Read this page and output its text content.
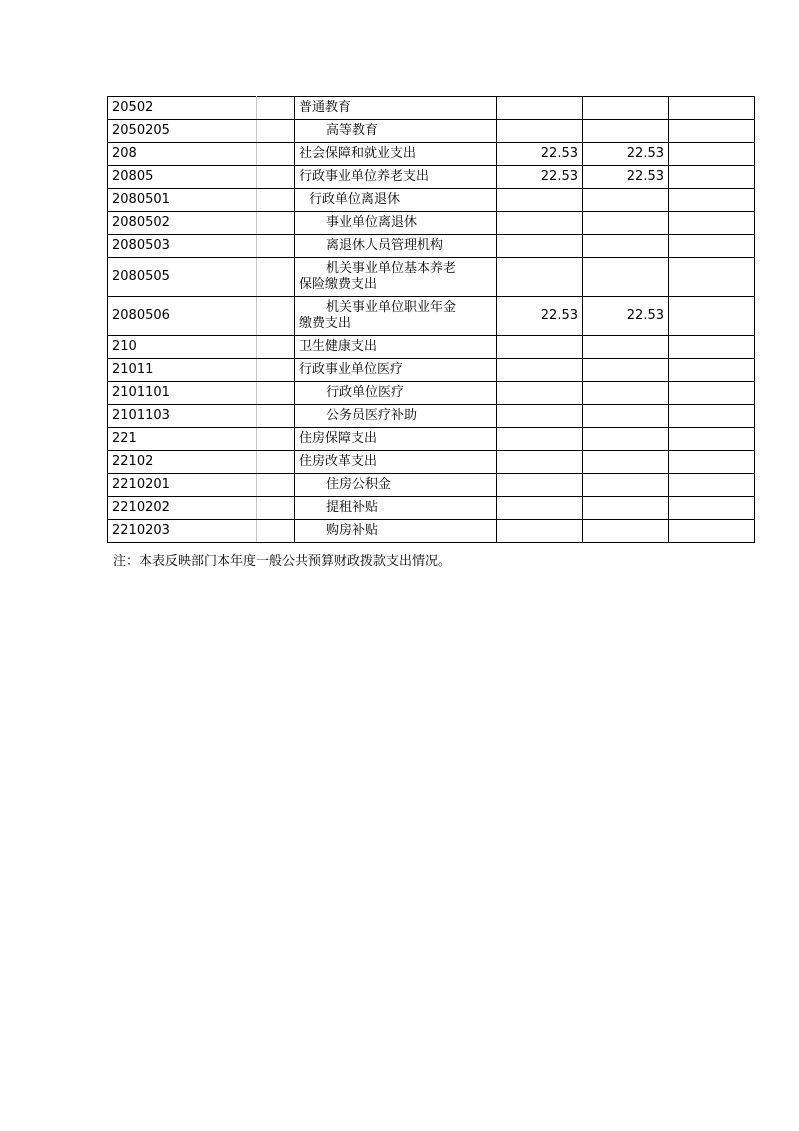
20502		普通教育			

2050205		高等教育			

208		社会保障和就业支出	22.53	22.53	
20805		行政事业单位养老支出	22.53	22.53	
2080501		行政单位离退休			

2080502		事业单位离退休			

2080503		离退休人员管理机构			

2080505		机关事业单位基本养老
保险缴费支出			

2080506		机关事业单位职业年金
缴费支出	22.53	22.53	
210		卫生健康支出			

21011		行政事业单位医疗			

2101101		行政单位医疗			

2101103		公务员医疗补助			

221		住房保障支出			

22102		住房改革支出			

2210201		住房公积金			

2210202		提租补贴			

2210203		购房补贴			

注：本表反映部门本年度一般公共预算财政拨款支出情况。
